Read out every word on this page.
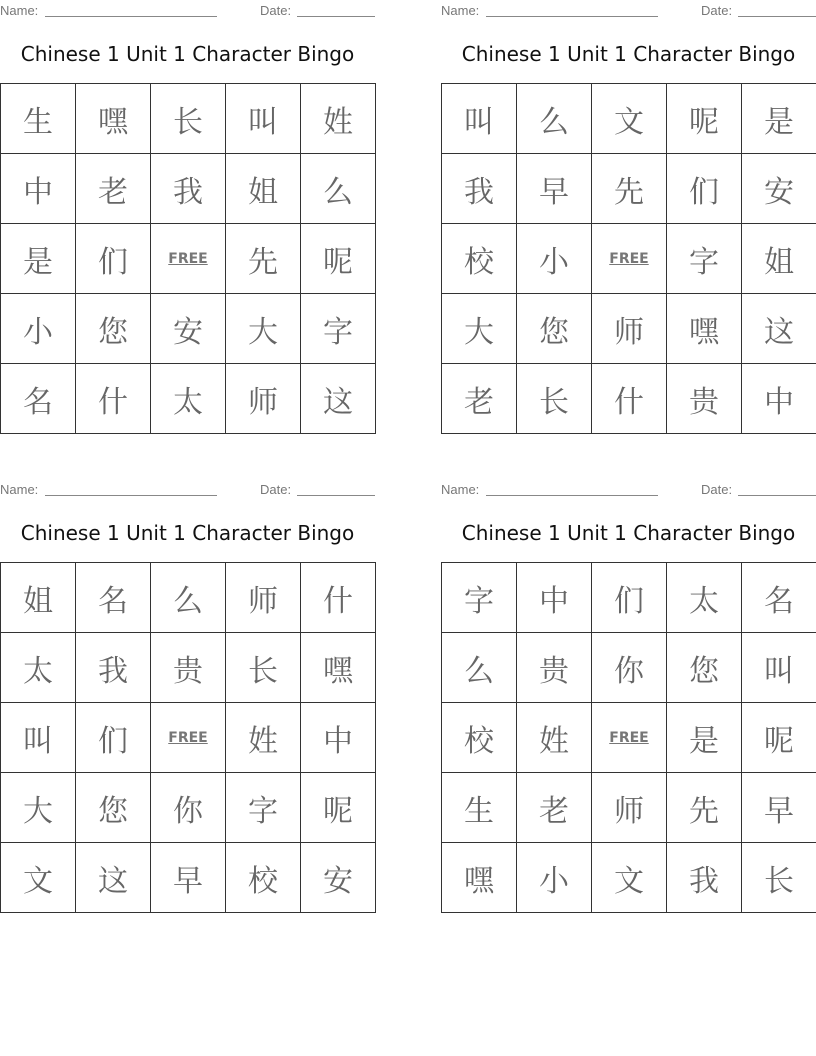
Name:	Date:
Chinese 1 Unit 1 Character Bingo
生	嘿	长	叫	姓
中	老	我	姐	么
是	们	FREE	先	呢
小	您	安	大	字
名	什	太	师	这
Name:	Date:
Chinese 1 Unit 1 Character Bingo
叫	么	文	呢	是
我	早	先	们	安
校	小	FREE	字	姐
大	您	师	嘿	这
老	长	什	贵	中
Name:	Date:
Chinese 1 Unit 1 Character Bingo
姐	名	么	师	什
太	我	贵	长	嘿
叫	们	FREE	姓	中
大	您	你	字	呢
文	这	早	校	安
Name:	Date:
Chinese 1 Unit 1 Character Bingo
字	中	们	太	名
么	贵	你	您	叫
校	姓	FREE	是	呢
生	老	师	先	早
嘿	小	文	我	长
